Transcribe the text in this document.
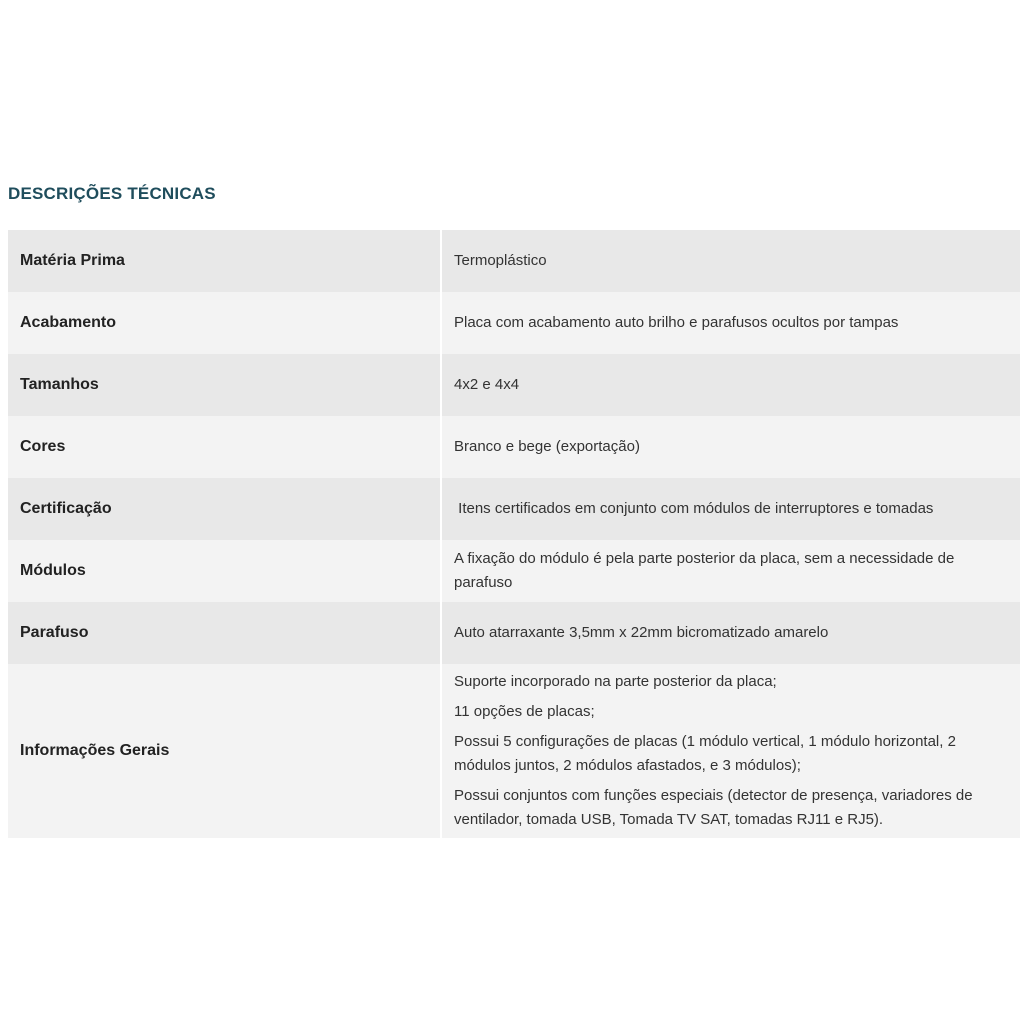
DESCRIÇÕES TÉCNICAS
Matéria Prima	Termoplástico
Acabamento	Placa com acabamento auto brilho e parafusos ocultos por tampas
Tamanhos	4x2 e 4x4
Cores	Branco e bege (exportação)
Certificação	Itens certificados em conjunto com módulos de interruptores e tomadas
Módulos	A fixação do módulo é pela parte posterior da placa, sem a necessidade de parafuso
Parafuso	Auto atarraxante 3,5mm x 22mm bicromatizado amarelo
Informações Gerais	Suporte incorporado na parte posterior da placa;

11 opções de placas;

Possui 5 configurações de placas (1 módulo vertical, 1 módulo horizontal, 2 módulos juntos, 2 módulos afastados, e 3 módulos);

Possui conjuntos com funções especiais (detector de presença, variadores de ventilador, tomada USB, Tomada TV SAT, tomadas RJ11 e RJ5).
